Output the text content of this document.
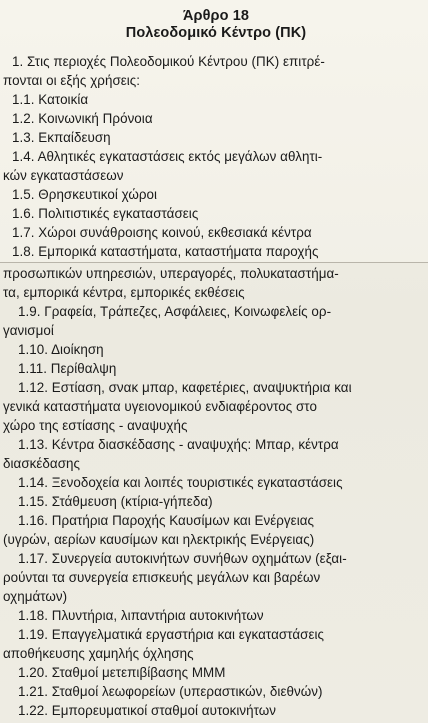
Άρθρο 18
Πολεοδομικό Κέντρο (ΠΚ)
1. Στις περιοχές Πολεοδομικού Κέντρου (ΠΚ) επιτρέ-
πονται οι εξής χρήσεις:
1.1. Κατοικία
1.2. Κοινωνική Πρόνοια
1.3. Εκπαίδευση
1.4. Αθλητικές εγκαταστάσεις εκτός μεγάλων αθλητι-
κών εγκαταστάσεων
1.5. Θρησκευτικοί χώροι
1.6. Πολιτιστικές εγκαταστάσεις
1.7. Χώροι συνάθροισης κοινού, εκθεσιακά κέντρα
1.8. Εμπορικά καταστήματα, καταστήματα παροχής
προσωπικών υπηρεσιών, υπεραγορές, πολυκαταστήμα-
τα, εμπορικά κέντρα, εμπορικές εκθέσεις
1.9. Γραφεία, Τράπεζες, Ασφάλειες, Κοινωφελείς ορ-
γανισμοί
1.10. Διοίκηση
1.11. Περίθαλψη
1.12. Εστίαση, σνακ μπαρ, καφετέριες, αναψυκτήρια και
γενικά καταστήματα υγειονομικού ενδιαφέροντος στο
χώρο της εστίασης - αναψυχής
1.13. Κέντρα διασκέδασης - αναψυχής: Μπαρ, κέντρα
διασκέδασης
1.14. Ξενοδοχεία και λοιπές τουριστικές εγκαταστάσεις
1.15. Στάθμευση (κτίρια-γήπεδα)
1.16. Πρατήρια Παροχής Καυσίμων και Ενέργειας
(υγρών, αερίων καυσίμων και ηλεκτρικής Ενέργειας)
1.17. Συνεργεία αυτοκινήτων συνήθων οχημάτων (εξαι-
ρούνται τα συνεργεία επισκευής μεγάλων και βαρέων
οχημάτων)
1.18. Πλυντήρια, λιπαντήρια αυτοκινήτων
1.19. Επαγγελματικά εργαστήρια και εγκαταστάσεις
αποθήκευσης χαμηλής όχλησης
1.20. Σταθμοί μετεπιβίβασης ΜΜΜ
1.21. Σταθμοί λεωφορείων (υπεραστικών, διεθνών)
1.22. Εμπορευματικοί σταθμοί αυτοκινήτων
